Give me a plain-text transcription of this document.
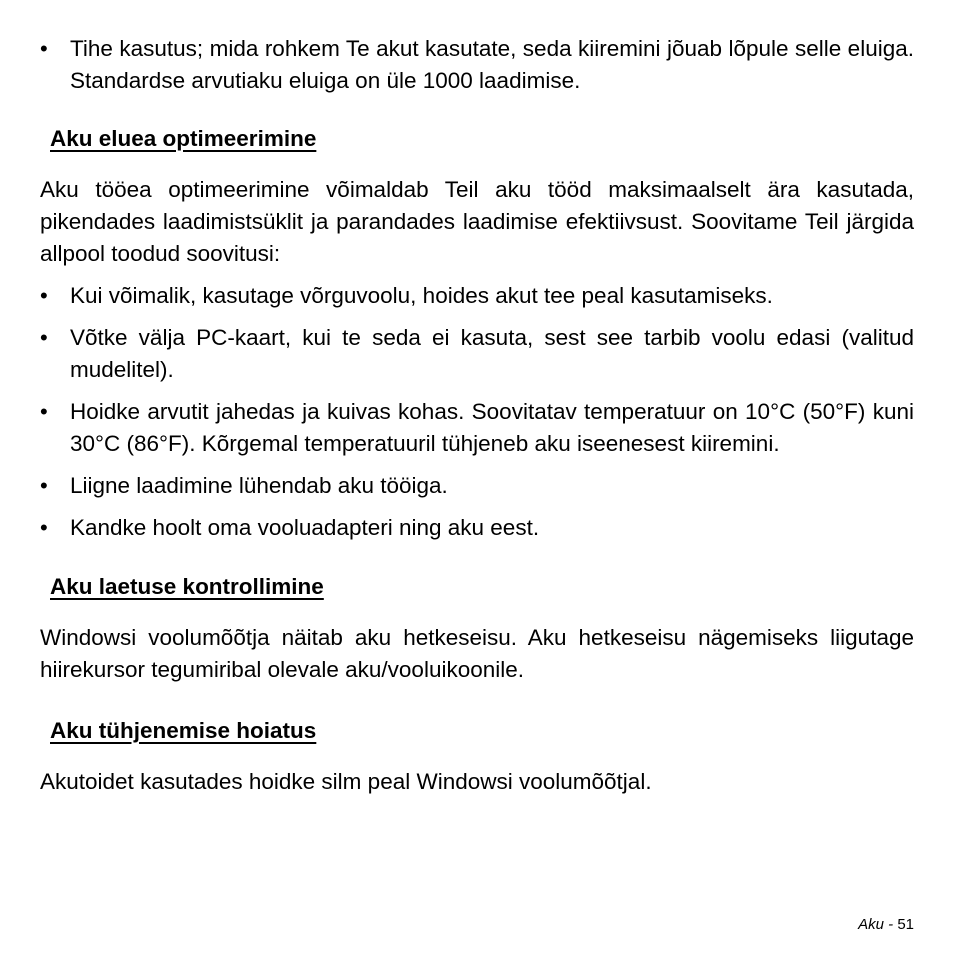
• Tihe kasutus; mida rohkem Te akut kasutate, seda kiiremini jõuab lõpule selle eluiga. Standardse arvutiaku eluiga on üle 1000 laadimise.
Aku eluea optimeerimine

Aku tööea optimeerimine võimaldab Teil aku tööd maksimaalselt ära kasutada, pikendades laadimistsüklit ja parandades laadimise efektiivsust. Soovitame Teil järgida allpool toodud soovitusi:

• Kui võimalik, kasutage võrguvoolu, hoides akut tee peal kasutamiseks.
• Võtke välja PC-kaart, kui te seda ei kasuta, sest see tarbib voolu edasi (valitud mudelitel).
• Hoidke arvutit jahedas ja kuivas kohas. Soovitatav temperatuur on 10°C (50°F) kuni 30°C (86°F). Kõrgemal temperatuuril tühjeneb aku iseenesest kiiremini.
• Liigne laadimine lühendab aku tööiga.
• Kandke hoolt oma vooluadapteri ning aku eest.
Aku laetuse kontrollimine

Windowsi voolumõõtja näitab aku hetkeseisu. Aku hetkeseisu nägemiseks liigutage hiirekursor tegumiribal olevale aku/vooluikoonile.

Aku tühjenemise hoiatus

Akutoidet kasutades hoidke silm peal Windowsi voolumõõtjal.

Aku - 51
